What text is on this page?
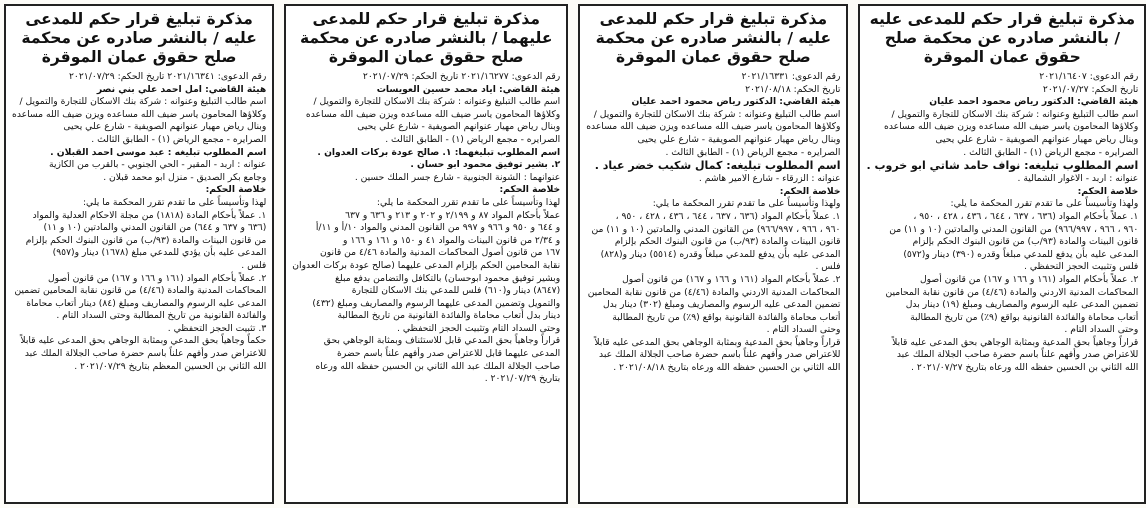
مذكرة تبليغ قرار حكم للمدعى عليه / بالنشر صادره عن محكمة صلح حقوق عمان الموقرة
رقم الدعوى: ٢٠٢١/١٦٣٤١ تاريخ الحكم: ٢٠٢١/٠٧/٢٩
هيئة القاضي: امل احمد علي بني نصر
اسم طالب التبليغ وعنوانه : شركة بنك الاسكان للتجارة والتمويل /
وكلاؤها المحامون ياسر ضيف الله مساعده ويزن ضيف الله مساعده
وبنال رياض مهيار عنوانهم الصويفية - شارع علي يحيى
الصرايره - مجمع الرياض (١) - الطابق الثالث .
اسم المطلوب تبليغه : عبد موسى احمد القبلان .
عنوانه : اربد - المقير - الحي الجنوبي - بالقرب من الكازية
وجامع بكر الصديق - منزل ابو محمد قبلان .
خلاصة الحكم:
لهذا وتأسيساً على ما تقدم تقرر المحكمة ما يلي:
١. عملاً بأحكام المادة (١٨١٨) من مجلة الاحكام العدلية والمواد
(٦٣٦ و ٦٣٧ و ٦٤٤) من القانون المدني والمادتين (١٠ و ١١)
من قانون البينات والمادة (٩٣/ب) من قانون البنوك الحكم بإلزام
المدعى عليه بأن يؤدي للمدعي مبلغ (١٦٧٨) دينار و(٩٥٧)
فلس .
٢. عملاً بأحكام المواد (١٦١ و ١٦٦ و ١٦٧) من قانون أصول
المحاكمات المدنية والمادة (٤/٤٦) من قانون نقابة المحامين تضمين
المدعى عليه الرسوم والمصاريف ومبلغ (٨٤) دينار أتعاب محاماة
والفائدة القانونية من تاريخ المطالبة وحتى السداد التام .
٣. تثبيت الحجز التحفظي .
حكماً وجاهياً بحق المدعي وبمثابة الوجاهي بحق المدعى عليه قابلاً
للاعتراض صدر وأفهم علناً باسم حضرة صاحب الجلالة الملك عبد
الله الثاني بن الحسين المعظم بتاريخ ٢٠٢١/٠٧/٢٩ .
مذكرة تبليغ قرار حكم للمدعى عليهما / بالنشر صادره عن محكمة صلح حقوق عمان الموقرة
رقم الدعوى: ٢٠٢١/١٦٢٧٧ تاريخ الحكم: ٢٠٢١/٠٧/٢٩
هيئة القاضي: اياد محمد حسين العويسات
اسم طالب التبليغ وعنوانه : شركة بنك الاسكان للتجارة والتمويل /
وكلاؤها المحامون ياسر ضيف الله مساعده ويزن ضيف الله مساعده
وبنال رياض مهيار عنوانهم الصويفية - شارع علي يحيى
الصرايره - مجمع الرياض (١) - الطابق الثالث .
اسم المطلوب تبليغهما: ١. صالح عودة بركات العدوان .
٢. بشير توفيق محمود ابو حسان .
عنوانهما : الشونة الجنوبية - شارع جسر الملك حسين .
خلاصة الحكم:
لهذا وتأسيساً على ما تقدم تقرر المحكمة ما يلي:
عملاً بأحكام المواد ٨٧ و ٢/١٩٩ و ٢٠٢ و ٢١٣ و ٦٣٦ و ٦٣٧
و ٦٤٤ و ٩٥٠ و ٩٦٦ و ٩٩٧ من القانون المدني والمواد ١٠/أ و ١١/أ
و ٢/٣٤ من قانون البينات والمواد ٤١ و ١٥٠ و ١٦١ و ١٦٦ و
١٦٧ من قانون أصول المحاكمات المدنية والمادة ٤/٤٦ من قانون
نقابة المحامين الحكم بإلزام المدعى عليهما (صالح عودة بركات العدوان
وبشير توفيق محمود ابوحسان) بالتكافل والتضامن بدفع مبلغ
(٨٦٤٧) دينار و(٦١٠) فلس للمدعي بنك الاسكان للتجارة
والتمويل وتضمين المدعى عليهما الرسوم والمصاريف ومبلغ (٤٣٢)
دينار بدل أتعاب محاماة والفائدة القانونية من تاريخ المطالبة
وحتى السداد التام وتثبيت الحجز التحفظي .
قراراً وجاهياً بحق المدعي قابل للاستئناف وبمثابة الوجاهي بحق
المدعى عليهما قابل للاعتراض صدر وأفهم علناً باسم حضرة
صاحب الجلالة الملك عبد الله الثاني بن الحسين حفظه الله ورعاه
بتاريخ ٢٠٢١/٠٧/٢٩ .
مذكرة تبليغ قرار حكم للمدعى عليه / بالنشر صادره عن محكمة صلح حقوق عمان الموقرة
رقم الدعوى: ٢٠٢١/١٦٣٣١
تاريخ الحكم: ٢٠٢١/٠٨/١٨
هيئة القاضي: الدكتور رياض محمود احمد عليان
اسم طالب التبليغ وعنوانه : شركة بنك الاسكان للتجارة والتمويل /
وكلاؤها المحامون ياسر ضيف الله مساعده ويزن ضيف الله مساعده
وبنال رياض مهيار عنوانهم الصويفية - شارع علي يحيى
الصرايره - مجمع الرياض (١) - الطابق الثالث .
اسم المطلوب تبليغه: كمال شكيب خضر عياد .
عنوانه : الزرقاء - شارع الامير هاشم .
خلاصة الحكم:
ولهذا وتأسيساً على ما تقدم تقرر المحكمة ما يلي:
١. عملاً بأحكام المواد (٦٣٦ ، ٦٣٧ ، ٦٤٤ ، ٤٣٦ ، ٤٢٨ ، ٩٥٠ ،
٩٦٠ ، ٩٦٦ ، ٩٦٦/٩٩٧) من القانون المدني والمادتين (١٠ و ١١) من
قانون البينات والمادة (٩٣/ب) من قانون البنوك الحكم بإلزام
المدعى عليه بأن يدفع للمدعي مبلغاً وقدره (٥٥١٤) دينار و(٨٢٨)
فلس .
٢. عملاً بأحكام المواد (١٦١ و ١٦٦ و ١٦٧) من قانون أصول
المحاكمات المدنية الاردني والمادة (٤/٤٦) من قانون نقابة المحامين
تضمين المدعى عليه الرسوم والمصاريف ومبلغ (٣٠٢) دينار بدل
أتعاب محاماة والفائدة القانونية بواقع (٩٪) من تاريخ المطالبة
وحتى السداد التام .
قراراً وجاهياً بحق المدعية وبمثابة الوجاهي بحق المدعى عليه قابلاً
للاعتراض صدر وأفهم علناً باسم حضرة صاحب الجلالة الملك عبد
الله الثاني بن الحسين حفظه الله ورعاه بتاريخ ٢٠٢١/٠٨/١٨ .
مذكرة تبليغ قرار حكم للمدعى عليه / بالنشر صادره عن محكمة صلح حقوق عمان الموقرة
رقم الدعوى: ٢٠٢١/١٦٤٠٧
تاريخ الحكم: ٢٠٢١/٠٧/٢٧
هيئة القاضي: الدكتور رياض محمود احمد عليان
اسم طالب التبليغ وعنوانه : شركة بنك الاسكان للتجارة والتمويل /
وكلاؤها المحامون ياسر ضيف الله مساعده ويزن ضيف الله مساعده
وبنال رياض مهيار عنوانهم الصويفية - شارع علي يحيى
الصرايره - مجمع الرياض (١) - الطابق الثالث .
اسم المطلوب تبليغه: نواف حامد شاتي ابو خروب .
عنوانه : اربد - الاغوار الشمالية .
خلاصة الحكم:
ولهذا وتأسيساً على ما تقدم تقرر المحكمة ما يلي:
١. عملاً بأحكام المواد (٦٣٦ ، ٦٣٧ ، ٦٤٤ ، ٤٣٦ ، ٤٢٨ ، ٩٥٠ ،
٩٦٠ ، ٩٦٦ ، ٩٦٦/٩٩٧) من القانون المدني والمادتين (١٠ و ١١) من
قانون البينات والمادة (٩٣/ب) من قانون البنوك الحكم بإلزام
المدعى عليه بأن يدفع للمدعي مبلغاً وقدره (٣٩٠) دينار و(٥٧٢)
فلس وتثبيت الحجز التحفظي .
٢. عملاً بأحكام المواد (١٦١ و ١٦٦ و ١٦٧) من قانون أصول
المحاكمات المدنية الاردني والمادة (٤/٤٦) من قانون نقابة المحامين
تضمين المدعى عليه الرسوم والمصاريف ومبلغ (١٩) دينار بدل
أتعاب محاماة والفائدة القانونية بواقع (٩٪) من تاريخ المطالبة
وحتى السداد التام .
قراراً وجاهياً بحق المدعية وبمثابة الوجاهي بحق المدعى عليه قابلاً
للاعتراض صدر وأفهم علناً باسم حضرة صاحب الجلالة الملك عبد
الله الثاني بن الحسين حفظه الله ورعاه بتاريخ ٢٠٢١/٠٧/٢٧ .
